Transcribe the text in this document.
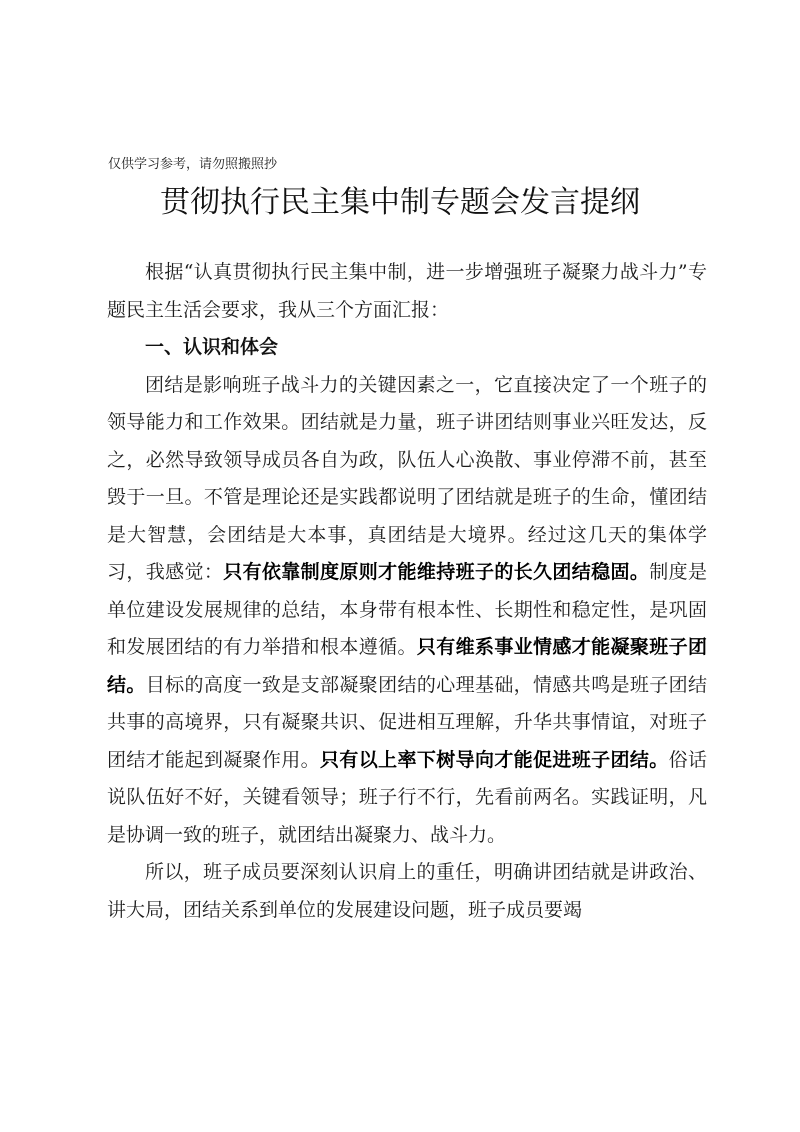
仅供学习参考，请勿照搬照抄
贯彻执行民主集中制专题会发言提纲

根据“认真贯彻执行民主集中制，进一步增强班子凝聚力战斗力”专题民主生活会要求，我从三个方面汇报：

一、认识和体会

团结是影响班子战斗力的关键因素之一，它直接决定了一个班子的领导能力和工作效果。团结就是力量，班子讲团结则事业兴旺发达，反之，必然导致领导成员各自为政，队伍人心涣散、事业停滞不前，甚至毁于一旦。不管是理论还是实践都说明了团结就是班子的生命，懂团结是大智慧，会团结是大本事，真团结是大境界。经过这几天的集体学习，我感觉：只有依靠制度原则才能维持班子的长久团结稳固。制度是单位建设发展规律的总结，本身带有根本性、长期性和稳定性，是巩固和发展团结的有力举措和根本遵循。只有维系事业情感才能凝聚班子团结。目标的高度一致是支部凝聚团结的心理基础，情感共鸣是班子团结共事的高境界，只有凝聚共识、促进相互理解，升华共事情谊，对班子团结才能起到凝聚作用。只有以上率下树导向才能促进班子团结。俗话说队伍好不好，关键看领导；班子行不行，先看前两名。实践证明，凡是协调一致的班子，就团结出凝聚力、战斗力。

所以，班子成员要深刻认识肩上的重任，明确讲团结就是讲政治、讲大局，团结关系到单位的发展建设问题，班子成员要竭
